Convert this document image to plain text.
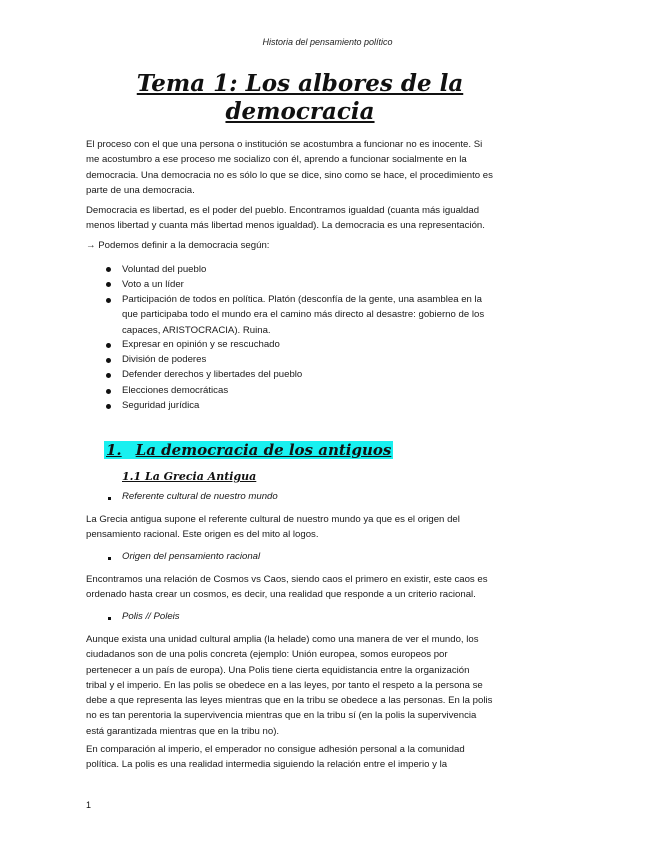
Historia del pensamiento político
Tema 1: Los albores de la
democracia
El proceso con el que una persona o institución se acostumbra a funcionar no es inocente. Si
me acostumbro a ese proceso me socializo con él, aprendo a funcionar socialmente en la
democracia. Una democracia no es sólo lo que se dice, sino como se hace, el procedimiento es
parte de una democracia.
Democracia es libertad, es el poder del pueblo. Encontramos igualdad (cuanta más igualdad
menos libertad y cuanta más libertad menos igualdad). La democracia es una representación.
→ Podemos definir a la democracia según:
Voluntad del pueblo
Voto a un líder
Participación de todos en política. Platón (desconfía de la gente, una asamblea en la
que participaba todo el mundo era el camino más directo al desastre: gobierno de los
capaces, ARISTOCRACIA). Ruina.
Expresar en opinión y se rescuchado
División de poderes
Defender derechos y libertades del pueblo
Elecciones democráticas
Seguridad jurídica
1. La democracia de los antiguos
1.1 La Grecia Antigua
Referente cultural de nuestro mundo
La Grecia antigua supone el referente cultural de nuestro mundo ya que es el origen del
pensamiento racional. Este origen es del mito al logos.
Origen del pensamiento racional
Encontramos una relación de Cosmos vs Caos, siendo caos el primero en existir, este caos es
ordenado hasta crear un cosmos, es decir, una realidad que responde a un criterio racional.
Polis // Poleis
Aunque exista una unidad cultural amplia (la helade) como una manera de ver el mundo, los
ciudadanos son de una polis concreta (ejemplo: Unión europea, somos europeos por
pertenecer a un país de europa). Una Polis tiene cierta equidistancia entre la organización
tribal y el imperio. En las polis se obedece en a las leyes, por tanto el respeto a la persona se
debe a que representa las leyes mientras que en la tribu se obedece a las personas. En la polis
no es tan perentoria la supervivencia mientras que en la tribu sí (en la polis la supervivencia
está garantizada mientras que en la tribu no).
En comparación al imperio, el emperador no consigue adhesión personal a la comunidad
política. La polis es una realidad intermedia siguiendo la relación entre el imperio y la
1
